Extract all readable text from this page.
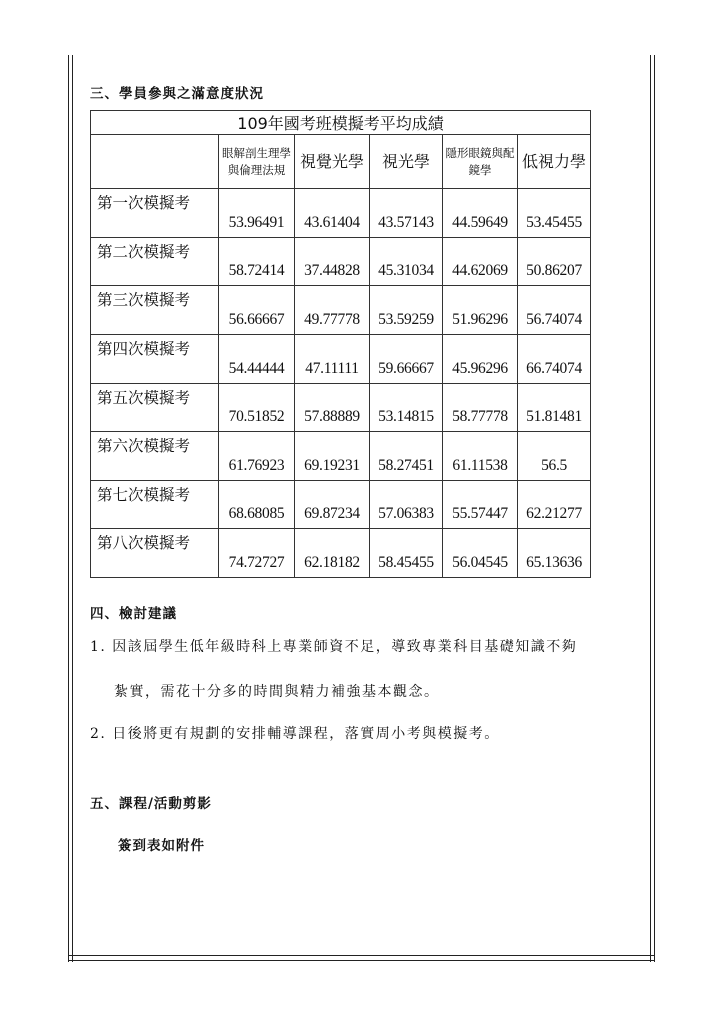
三、學員參與之滿意度狀況
109年國考班模擬考平均成績					
	眼解剖生理學與倫理法規	視覺光學	視光學	隱形眼鏡與配鏡學	低視力學
第一次模擬考	53.96491	43.61404	43.57143	44.59649	53.45455
第二次模擬考	58.72414	37.44828	45.31034	44.62069	50.86207
第三次模擬考	56.66667	49.77778	53.59259	51.96296	56.74074
第四次模擬考	54.44444	47.11111	59.66667	45.96296	66.74074
第五次模擬考	70.51852	57.88889	53.14815	58.77778	51.81481
第六次模擬考	61.76923	69.19231	58.27451	61.11538	56.5
第七次模擬考	68.68085	69.87234	57.06383	55.57447	62.21277
第八次模擬考	74.72727	62.18182	58.45455	56.04545	65.13636
四、檢討建議
1. 因該屆學生低年級時科上專業師資不足，導致專業科目基礎知識不夠
紮實，需花十分多的時間與精力補強基本觀念。
2. 日後將更有規劃的安排輔導課程，落實周小考與模擬考。
五、課程/活動剪影
簽到表如附件
